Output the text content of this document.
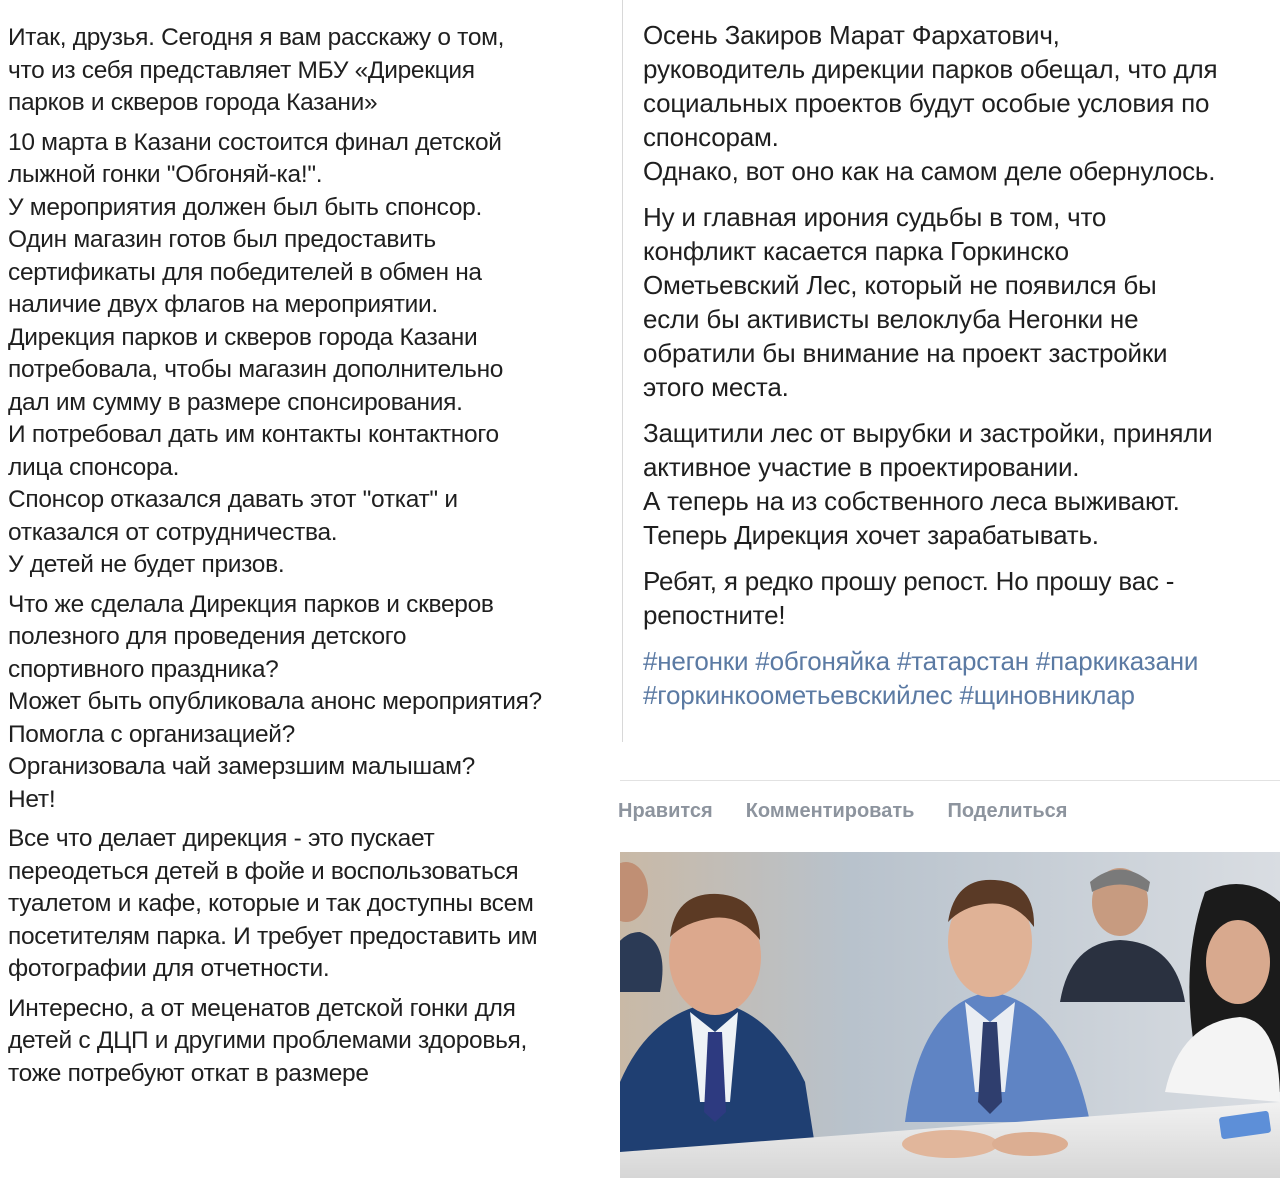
Итак, друзья. Сегодня я вам расскажу о том,
что из себя представляет МБУ «Дирекция
парков и скверов города Казани»

10 марта в Казани состоится финал детской
лыжной гонки "Обгоняй-ка!".
У мероприятия должен был быть спонсор.
Один магазин готов был предоставить
сертификаты для победителей в обмен на
наличие двух флагов на мероприятии.
Дирекция парков и скверов города Казани
потребовала, чтобы магазин дополнительно
дал им сумму в размере спонсирования.
И потребовал дать им контакты контактного
лица спонсора.
Спонсор отказался давать этот "откат" и
отказался от сотрудничества.
У детей не будет призов.

Что же сделала Дирекция парков и скверов
полезного для проведения детского
спортивного праздника?
Может быть опубликовала анонс мероприятия?
Помогла с организацией?
Организовала чай замерзшим малышам?
Нет!

Все что делает дирекция - это пускает
переодеться детей в фойе и воспользоваться
туалетом и кафе, которые и так доступны всем
посетителям парка. И требует предоставить им
фотографии для отчетности.

Интересно, а от меценатов детской гонки для
детей с ДЦП и другими проблемами здоровья,
тоже потребуют откат в размере

Осень Закиров Марат Фархатович,
руководитель дирекции парков обещал, что для
социальных проектов будут особые условия по
спонсорам.
Однако, вот оно как на самом деле обернулось.

Ну и главная ирония судьбы в том, что
конфликт касается парка Горкинско
Ометьевский Лес, который не появился бы
если бы активисты велоклуба Негонки не
обратили бы внимание на проект застройки
этого места.

Защитили лес от вырубки и застройки, приняли
активное участие в проектировании.
А теперь на из собственного леса выживают.
Теперь Дирекция хочет зарабатывать.

Ребят, я редко прошу репост. Но прошу вас -
репостните!

#негонки #обгоняйка #татарстан #паркиказани
#горкинкоометьевскийлес #щиновниклар

Нравится Комментировать Поделиться
